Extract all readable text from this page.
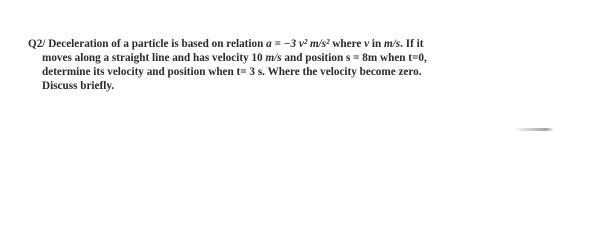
Q2/ Deceleration of a particle is based on relation a = −3 v² m/s² where v in m/s. If it
moves along a straight line and has velocity 10 m/s and position s = 8m when t=0,
determine its velocity and position when t= 3 s. Where the velocity become zero.
Discuss briefly.
